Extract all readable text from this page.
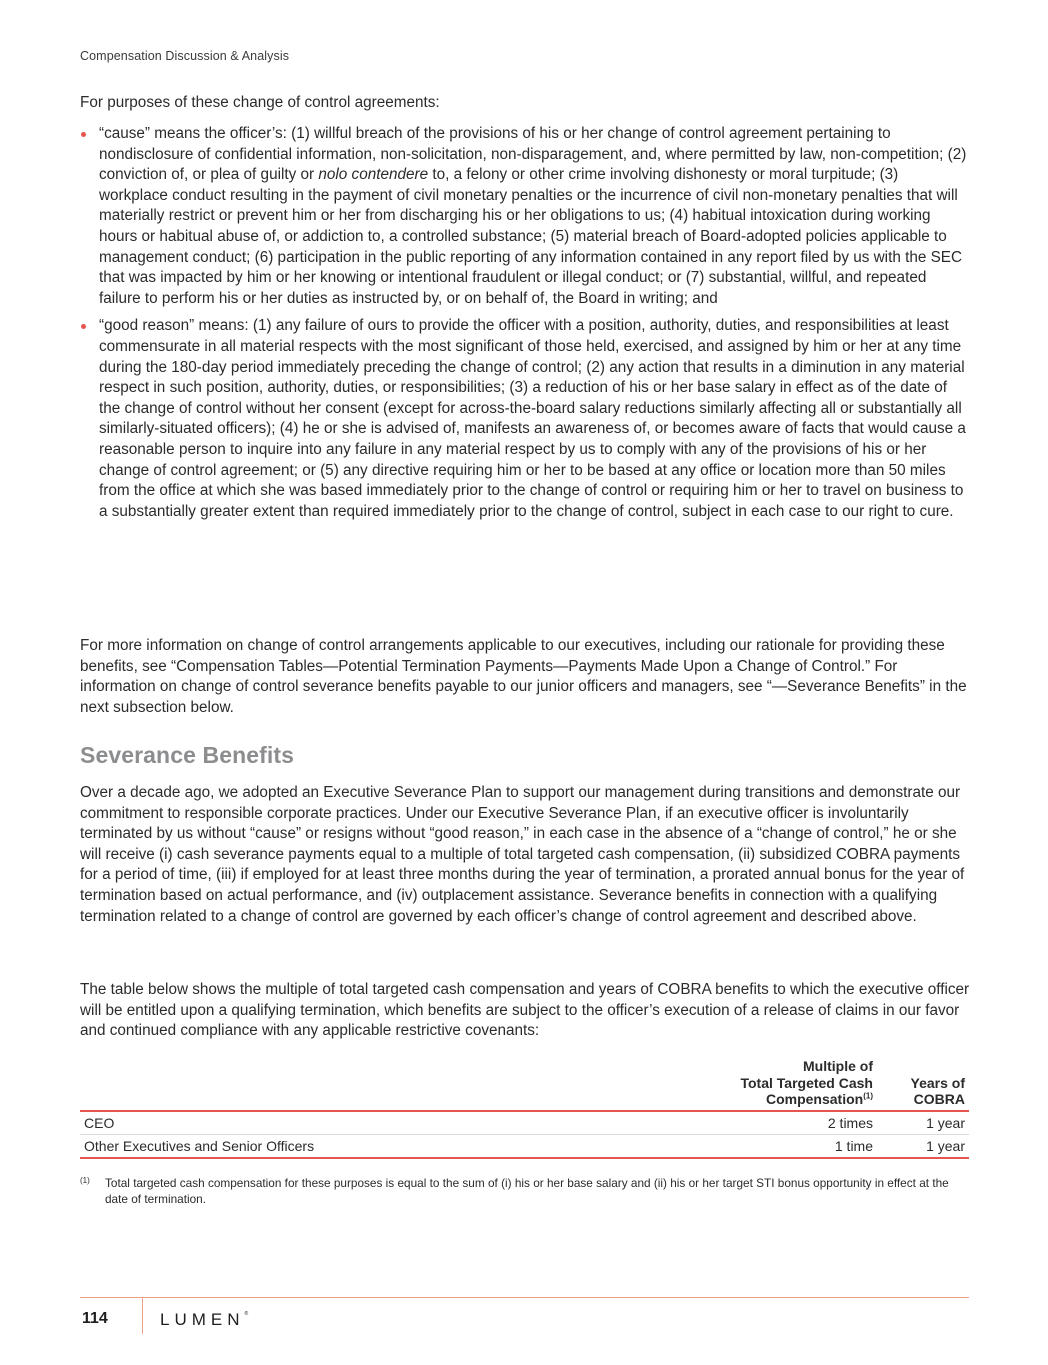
Compensation Discussion & Analysis

For purposes of these change of control agreements:

“cause” means the officer’s: (1) willful breach of the provisions of his or her change of control agreement pertaining to nondisclosure of confidential information, non-solicitation, non-disparagement, and, where permitted by law, non-competition; (2) conviction of, or plea of guilty or nolo contendere to, a felony or other crime involving dishonesty or moral turpitude; (3) workplace conduct resulting in the payment of civil monetary penalties or the incurrence of civil non-monetary penalties that will materially restrict or prevent him or her from discharging his or her obligations to us; (4) habitual intoxication during working hours or habitual abuse of, or addiction to, a controlled substance; (5) material breach of Board-adopted policies applicable to management conduct; (6) participation in the public reporting of any information contained in any report filed by us with the SEC that was impacted by him or her knowing or intentional fraudulent or illegal conduct; or (7) substantial, willful, and repeated failure to perform his or her duties as instructed by, or on behalf of, the Board in writing; and
“good reason” means: (1) any failure of ours to provide the officer with a position, authority, duties, and responsibilities at least commensurate in all material respects with the most significant of those held, exercised, and assigned by him or her at any time during the 180-day period immediately preceding the change of control; (2) any action that results in a diminution in any material respect in such position, authority, duties, or responsibilities; (3) a reduction of his or her base salary in effect as of the date of the change of control without her consent (except for across-the-board salary reductions similarly affecting all or substantially all similarly-situated officers); (4) he or she is advised of, manifests an awareness of, or becomes aware of facts that would cause a reasonable person to inquire into any failure in any material respect by us to comply with any of the provisions of his or her change of control agreement; or (5) any directive requiring him or her to be based at any office or location more than 50 miles from the office at which she was based immediately prior to the change of control or requiring him or her to travel on business to a substantially greater extent than required immediately prior to the change of control, subject in each case to our right to cure.

For more information on change of control arrangements applicable to our executives, including our rationale for providing these benefits, see “Compensation Tables—Potential Termination Payments—Payments Made Upon a Change of Control.” For information on change of control severance benefits payable to our junior officers and managers, see “—Severance Benefits” in the next subsection below.

Severance Benefits

Over a decade ago, we adopted an Executive Severance Plan to support our management during transitions and demonstrate our commitment to responsible corporate practices. Under our Executive Severance Plan, if an executive officer is involuntarily terminated by us without “cause” or resigns without “good reason,” in each case in the absence of a “change of control,” he or she will receive (i) cash severance payments equal to a multiple of total targeted cash compensation, (ii) subsidized COBRA payments for a period of time, (iii) if employed for at least three months during the year of termination, a prorated annual bonus for the year of termination based on actual performance, and (iv) outplacement assistance. Severance benefits in connection with a qualifying termination related to a change of control are governed by each officer’s change of control agreement and described above.

The table below shows the multiple of total targeted cash compensation and years of COBRA benefits to which the executive officer will be entitled upon a qualifying termination, which benefits are subject to the officer’s execution of a release of claims in our favor and continued compliance with any applicable restrictive covenants:

	Multiple of
Total Targeted Cash
Compensation$^{(1)}$	Years of
COBRA
CEO	2 times	1 year
Other Executives and Senior Officers	1 time	1 year
(1) Total targeted cash compensation for these purposes is equal to the sum of (i) his or her base salary and (ii) his or her target STI bonus opportunity in effect at the date of termination.
114	LUMEN®
